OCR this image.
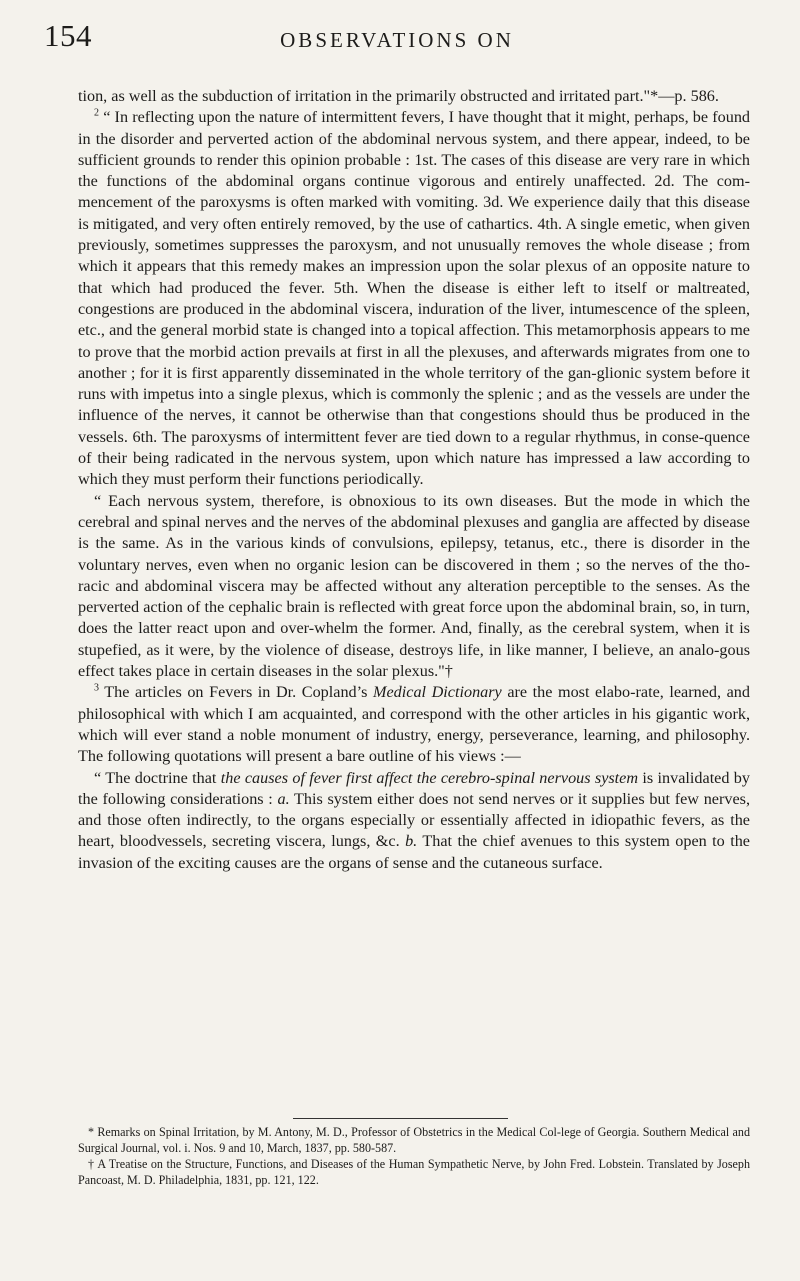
154	OBSERVATIONS ON

tion, as well as the subduction of irritation in the primarily obstructed and irritated part."*—p. 586.

$^2$ “ In reflecting upon the nature of intermittent fevers, I have thought that it might, perhaps, be found in the disorder and perverted action of the abdominal nervous system, and there appear, indeed, to be sufficient grounds to render this opinion probable : 1st. The cases of this disease are very rare in which the functions of the abdominal organs continue vigorous and entirely unaffected. 2d. The com-mencement of the paroxysms is often marked with vomiting. 3d. We experience daily that this disease is mitigated, and very often entirely removed, by the use of cathartics. 4th. A single emetic, when given previously, sometimes suppresses the paroxysm, and not unusually removes the whole disease ; from which it appears that this remedy makes an impression upon the solar plexus of an opposite nature to that which had produced the fever. 5th. When the disease is either left to itself or maltreated, congestions are produced in the abdominal viscera, induration of the liver, intumescence of the spleen, etc., and the general morbid state is changed into a topical affection. This metamorphosis appears to me to prove that the morbid action prevails at first in all the plexuses, and afterwards migrates from one to another ; for it is first apparently disseminated in the whole territory of the gan-glionic system before it runs with impetus into a single plexus, which is commonly the splenic ; and as the vessels are under the influence of the nerves, it cannot be otherwise than that congestions should thus be produced in the vessels. 6th. The paroxysms of intermittent fever are tied down to a regular rhythmus, in conse-quence of their being radicated in the nervous system, upon which nature has impressed a law according to which they must perform their functions periodically.

“ Each nervous system, therefore, is obnoxious to its own diseases. But the mode in which the cerebral and spinal nerves and the nerves of the abdominal plexuses and ganglia are affected by disease is the same. As in the various kinds of convulsions, epilepsy, tetanus, etc., there is disorder in the voluntary nerves, even when no organic lesion can be discovered in them ; so the nerves of the tho-racic and abdominal viscera may be affected without any alteration perceptible to the senses. As the perverted action of the cephalic brain is reflected with great force upon the abdominal brain, so, in turn, does the latter react upon and over-whelm the former. And, finally, as the cerebral system, when it is stupefied, as it were, by the violence of disease, destroys life, in like manner, I believe, an analo-gous effect takes place in certain diseases in the solar plexus."†

$^3$ The articles on Fevers in Dr. Copland’s Medical Dictionary are the most elabo-rate, learned, and philosophical with which I am acquainted, and correspond with the other articles in his gigantic work, which will ever stand a noble monument of industry, energy, perseverance, learning, and philosophy. The following quotations will present a bare outline of his views :—

“ The doctrine that the causes of fever first affect the cerebro-spinal nervous system is invalidated by the following considerations : a. This system either does not send nerves or it supplies but few nerves, and those often indirectly, to the organs especially or essentially affected in idiopathic fevers, as the heart, bloodvessels, secreting viscera, lungs, &c. b. That the chief avenues to this system open to the invasion of the exciting causes are the organs of sense and the cutaneous surface.

* Remarks on Spinal Irritation, by M. Antony, M. D., Professor of Obstetrics in the Medical Col-lege of Georgia. Southern Medical and Surgical Journal, vol. i. Nos. 9 and 10, March, 1837, pp. 580-587.

† A Treatise on the Structure, Functions, and Diseases of the Human Sympathetic Nerve, by John Fred. Lobstein. Translated by Joseph Pancoast, M. D. Philadelphia, 1831, pp. 121, 122.
